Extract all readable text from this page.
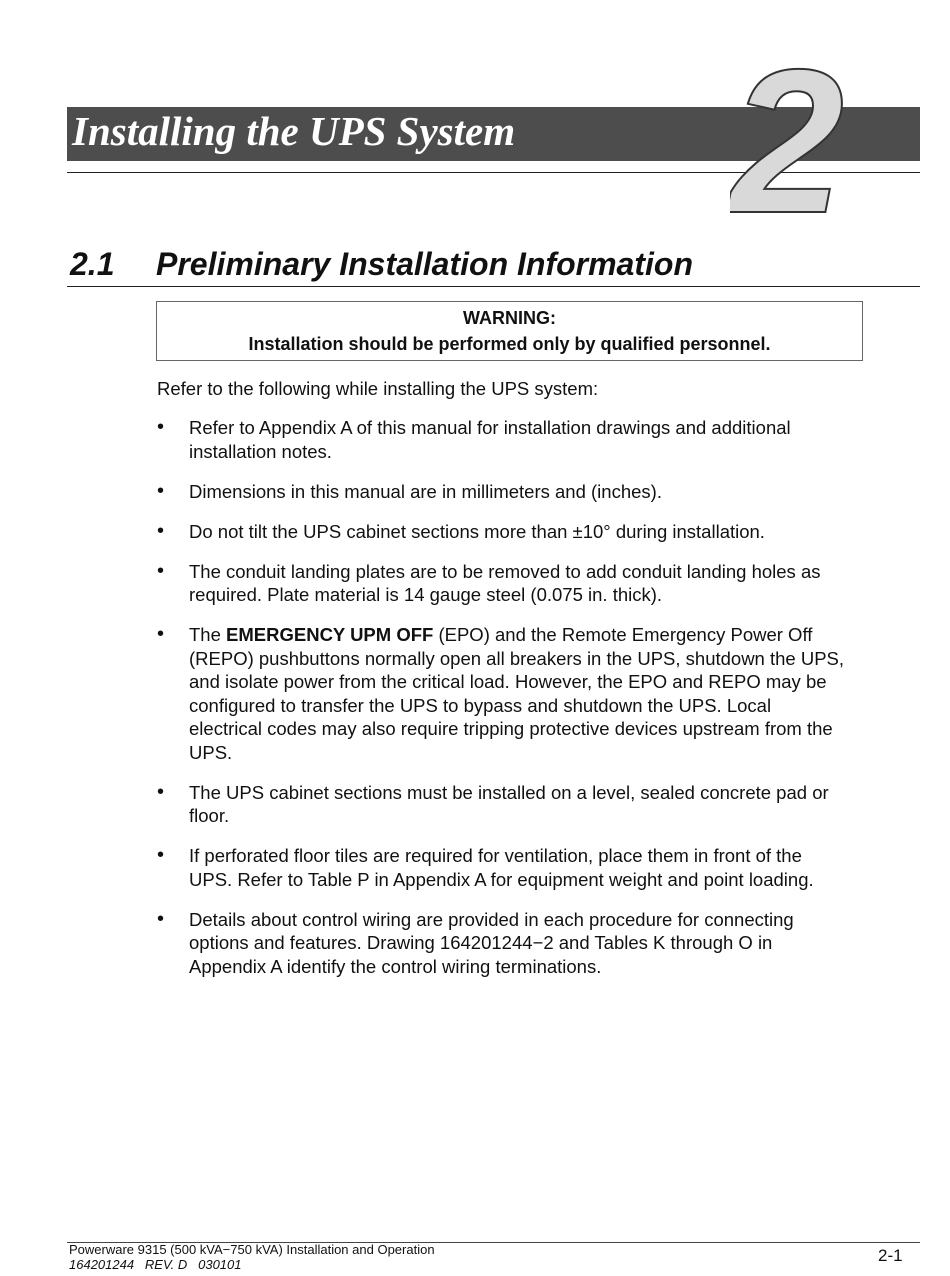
Installing the UPS System 2
2.1 Preliminary Installation Information
WARNING:
Installation should be performed only by qualified personnel.
Refer to the following while installing the UPS system:
• Refer to Appendix A of this manual for installation drawings and additional
installation notes.
• Dimensions in this manual are in millimeters and (inches).
• Do not tilt the UPS cabinet sections more than ±10° during installation.
• The conduit landing plates are to be removed to add conduit landing holes as
required. Plate material is 14 gauge steel (0.075 in. thick).
• The EMERGENCY UPM OFF (EPO) and the Remote Emergency Power Off
(REPO) pushbuttons normally open all breakers in the UPS, shutdown the UPS,
and isolate power from the critical load. However, the EPO and REPO may be
configured to transfer the UPS to bypass and shutdown the UPS. Local
electrical codes may also require tripping protective devices upstream from the
UPS.
• The UPS cabinet sections must be installed on a level, sealed concrete pad or
floor.
• If perforated floor tiles are required for ventilation, place them in front of the
UPS. Refer to Table P in Appendix A for equipment weight and point loading.
• Details about control wiring are provided in each procedure for connecting
options and features. Drawing 164201244−2 and Tables K through O in
Appendix A identify the control wiring terminations.
Powerware 9315 (500 kVA−750 kVA) Installation and Operation
164201244   REV. D   030101	2-1
